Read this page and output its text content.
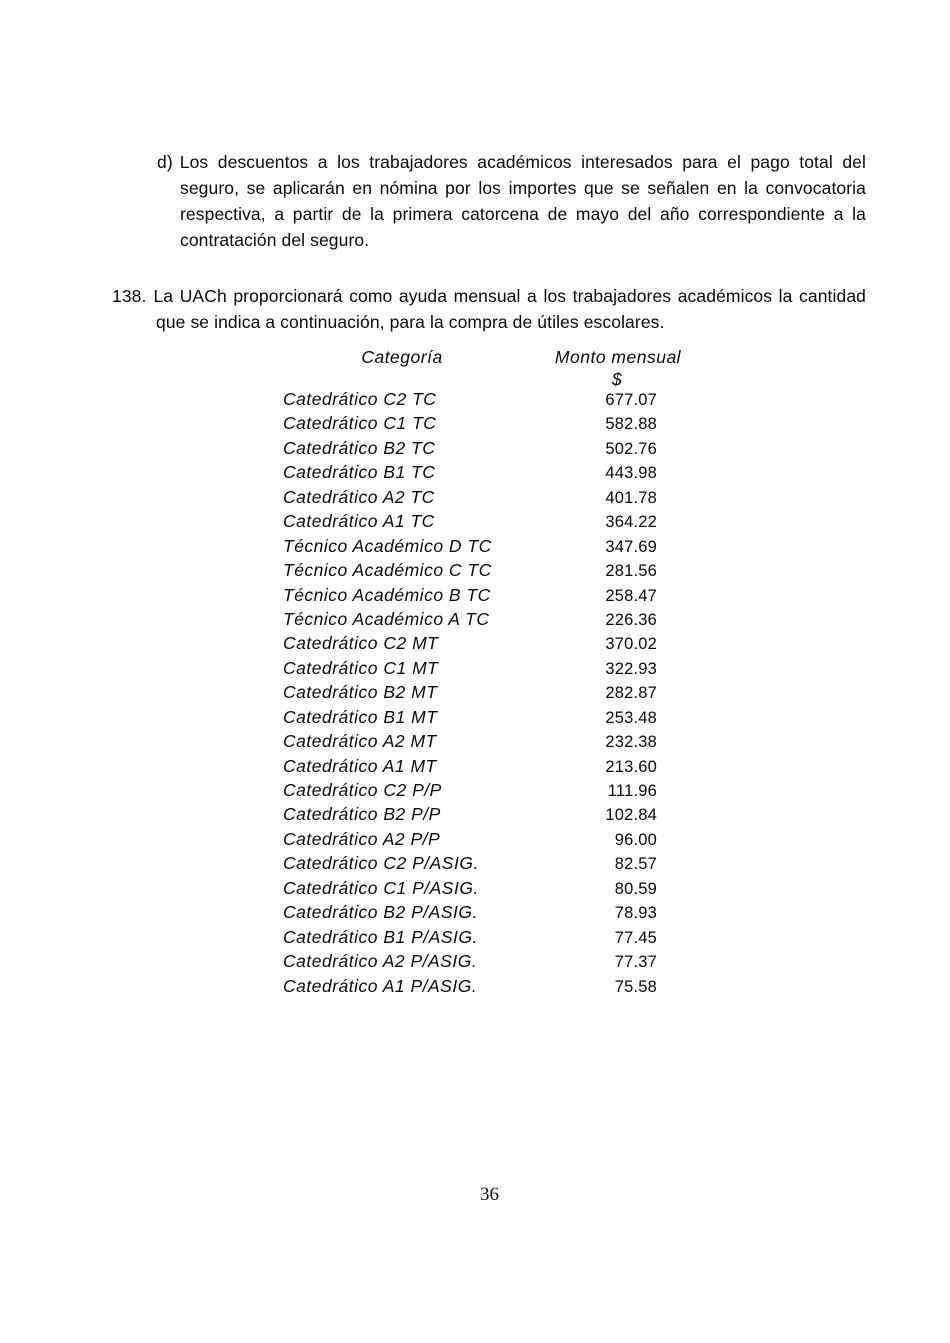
d) Los descuentos a los trabajadores académicos interesados para el pago total del seguro, se aplicarán en nómina por los importes que se señalen en la convocatoria respectiva, a partir de la primera catorcena de mayo del año correspondiente a la contratación del seguro.
138. La UACh proporcionará como ayuda mensual a los trabajadores académicos la cantidad que se indica a continuación, para la compra de útiles escolares.
Categoría	Monto mensual
$
Catedrático C2 TC	677.07
Catedrático C1 TC	582.88
Catedrático B2 TC	502.76
Catedrático B1 TC	443.98
Catedrático A2 TC	401.78
Catedrático A1 TC	364.22
Técnico Académico D TC	347.69
Técnico Académico C TC	281.56
Técnico Académico B TC	258.47
Técnico Académico A TC	226.36
Catedrático C2 MT	370.02
Catedrático C1 MT	322.93
Catedrático B2 MT	282.87
Catedrático B1 MT	253.48
Catedrático A2 MT	232.38
Catedrático A1 MT	213.60
Catedrático C2 P/P	111.96
Catedrático B2 P/P	102.84
Catedrático A2 P/P	96.00
Catedrático C2 P/ASIG.	82.57
Catedrático C1 P/ASIG.	80.59
Catedrático B2 P/ASIG.	78.93
Catedrático B1 P/ASIG.	77.45
Catedrático A2 P/ASIG.	77.37
Catedrático A1 P/ASIG.	75.58
36
